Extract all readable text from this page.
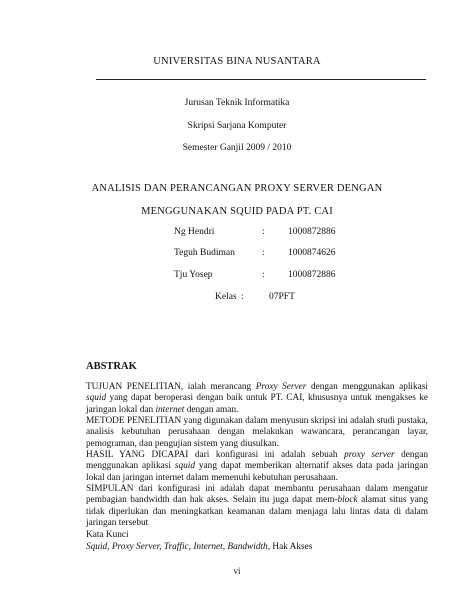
UNIVERSITAS BINA NUSANTARA
Jurusan Teknik Informatika
Skripsi Sarjana Komputer
Semester Ganjil 2009 / 2010
ANALISIS DAN PERANCANGAN PROXY SERVER DENGAN
MENGGUNAKAN SQUID PADA PT. CAI
Ng Hendri	: 1000872886
Teguh Budiman	: 1000874626
Tju Yosep	: 1000872886
Kelas :	07PFT
ABSTRAK

TUJUAN PENELITIAN, ialah merancang Proxy Server dengan menggunakan aplikasi squid yang dapat beroperasi dengan baik untuk PT. CAI, khususnya untuk mengakses ke jaringan lokal dan internet dengan aman.

METODE PENELITIAN yang digunakan dalam menyusun skripsi ini adalah studi pustaka, analisis kebutuhan perusahaan dengan melakukan wawancara, perancangan layar, pemograman, dan pengujian sistem yang diusulkan.

HASIL YANG DICAPAI dari konfigurasi ini adalah sebuah proxy server dengan menggunakan aplikasi squid yang dapat memberikan alternatif akses data pada jaringan lokal dan jaringan internet dalam memenuhi kebutuhan perusahaan.

SIMPULAN dari konfigurasi ini adalah dapat membantu perusahaan dalam mengatur pembagian bandwidth dan hak akses. Selain itu juga dapat mem-block alamat situs yang tidak diperlukan dan meningkatkan keamanan dalam menjaga lalu lintas data di dalam jaringan tersebut

Kata Kunci
Squid, Proxy Server, Traffic, Internet, Bandwidth, Hak Akses
vi
